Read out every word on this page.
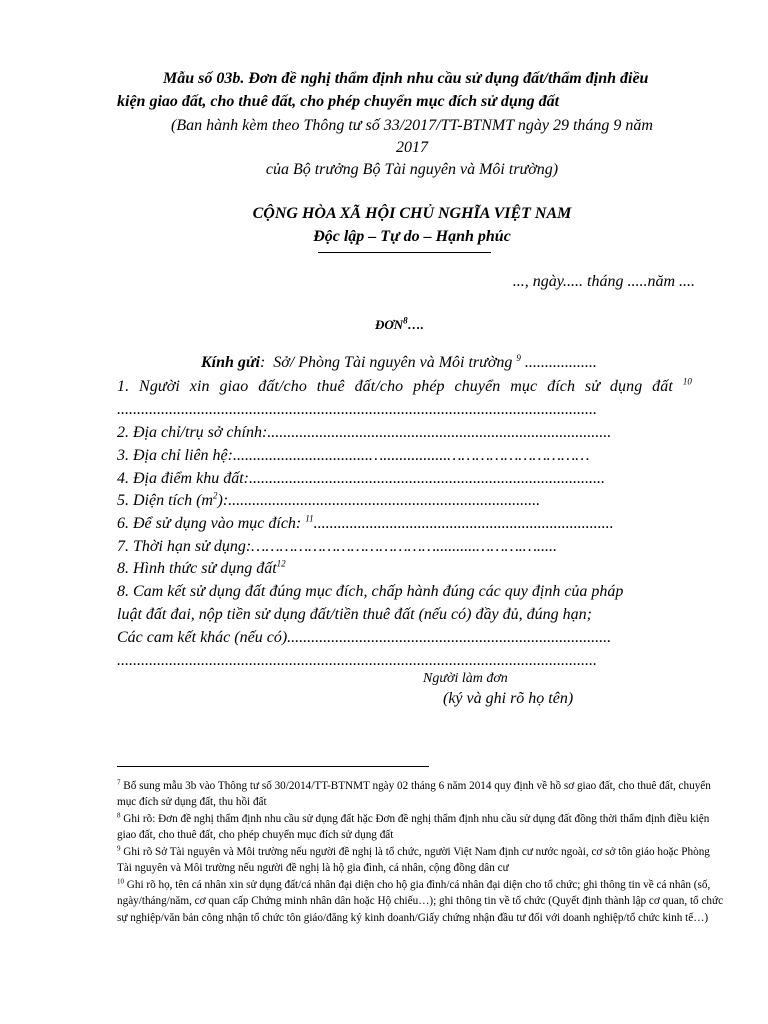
Mẫu số 03b. Đơn đề nghị thẩm định nhu cầu sử dụng đất/thẩm định điều
kiện giao đất, cho thuê đất, cho phép chuyển mục đích sử dụng đất
(Ban hành kèm theo Thông tư số 33/2017/TT-BTNMT ngày 29 tháng 9 năm
2017
của Bộ trưởng Bộ Tài nguyên và Môi trường)
CỘNG HÒA XÃ HỘI CHỦ NGHĨA VIỆT NAM
Độc lập – Tự do – Hạnh phúc
..., ngày..... tháng .....năm ....
ĐƠN$^8$….
Kính gửi: Sở/ Phòng Tài nguyên và Môi trường $^9$ ..................
1. Người xin giao đất/cho thuê đất/cho phép chuyển mục đích sử dụng đất $^{10}$
........................................................................................................................
2. Địa chỉ/trụ sở chính:......................................................................................
3. Địa chỉ liên hệ:..................................…................…………………………
4. Địa điểm khu đất:.........................................................................................
5. Diện tích $(m^2)$:..............................................................................
6. Để sử dụng vào mục đích: $^{11}$...........................................................................
7. Thời hạn sử dụng:…………………………………..........……….….....
8. Hình thức sử dụng đất$^{12}$
8. Cam kết sử dụng đất đúng mục đích, chấp hành đúng các quy định của pháp
luật đất đai, nộp tiền sử dụng đất/tiền thuê đất (nếu có) đầy đủ, đúng hạn;
Các cam kết khác (nếu có).................................................................................
........................................................................................................................
Người làm đơn
(ký và ghi rõ họ tên)
$^7$ Bổ sung mẫu 3b vào Thông tư số 30/2014/TT-BTNMT ngày 02 tháng 6 năm 2014 quy định về hồ sơ giao đất, cho thuê đất, chuyển mục đích sử dụng đất, thu hồi đất
$^8$ Ghi rõ: Đơn đề nghị thẩm định nhu cầu sử dụng đất hặc Đơn đề nghị thẩm định nhu cầu sử dụng đất đồng thời thẩm định điều kiện giao đất, cho thuê đất, cho phép chuyển mục đích sử dụng đất
$^9$ Ghi rõ Sở Tài nguyên và Môi trường nếu người đề nghị là tổ chức, người Việt Nam định cư nước ngoài, cơ sở tôn giáo hoặc Phòng Tài nguyên và Môi trường nếu người đề nghị là hộ gia đình, cá nhân, cộng đồng dân cư
$^{10}$ Ghi rõ họ, tên cá nhân xin sử dụng đất/cá nhân đại diện cho hộ gia đình/cá nhân đại diện cho tổ chức; ghi thông tin về cá nhân (số, ngày/tháng/năm, cơ quan cấp Chứng minh nhân dân hoặc Hộ chiếu…); ghi thông tin về tổ chức (Quyết định thành lập cơ quan, tổ chức sự nghiệp/văn bản công nhận tổ chức tôn giáo/đăng ký kinh doanh/Giấy chứng nhận đầu tư đối với doanh nghiệp/tổ chức kinh tế…)
